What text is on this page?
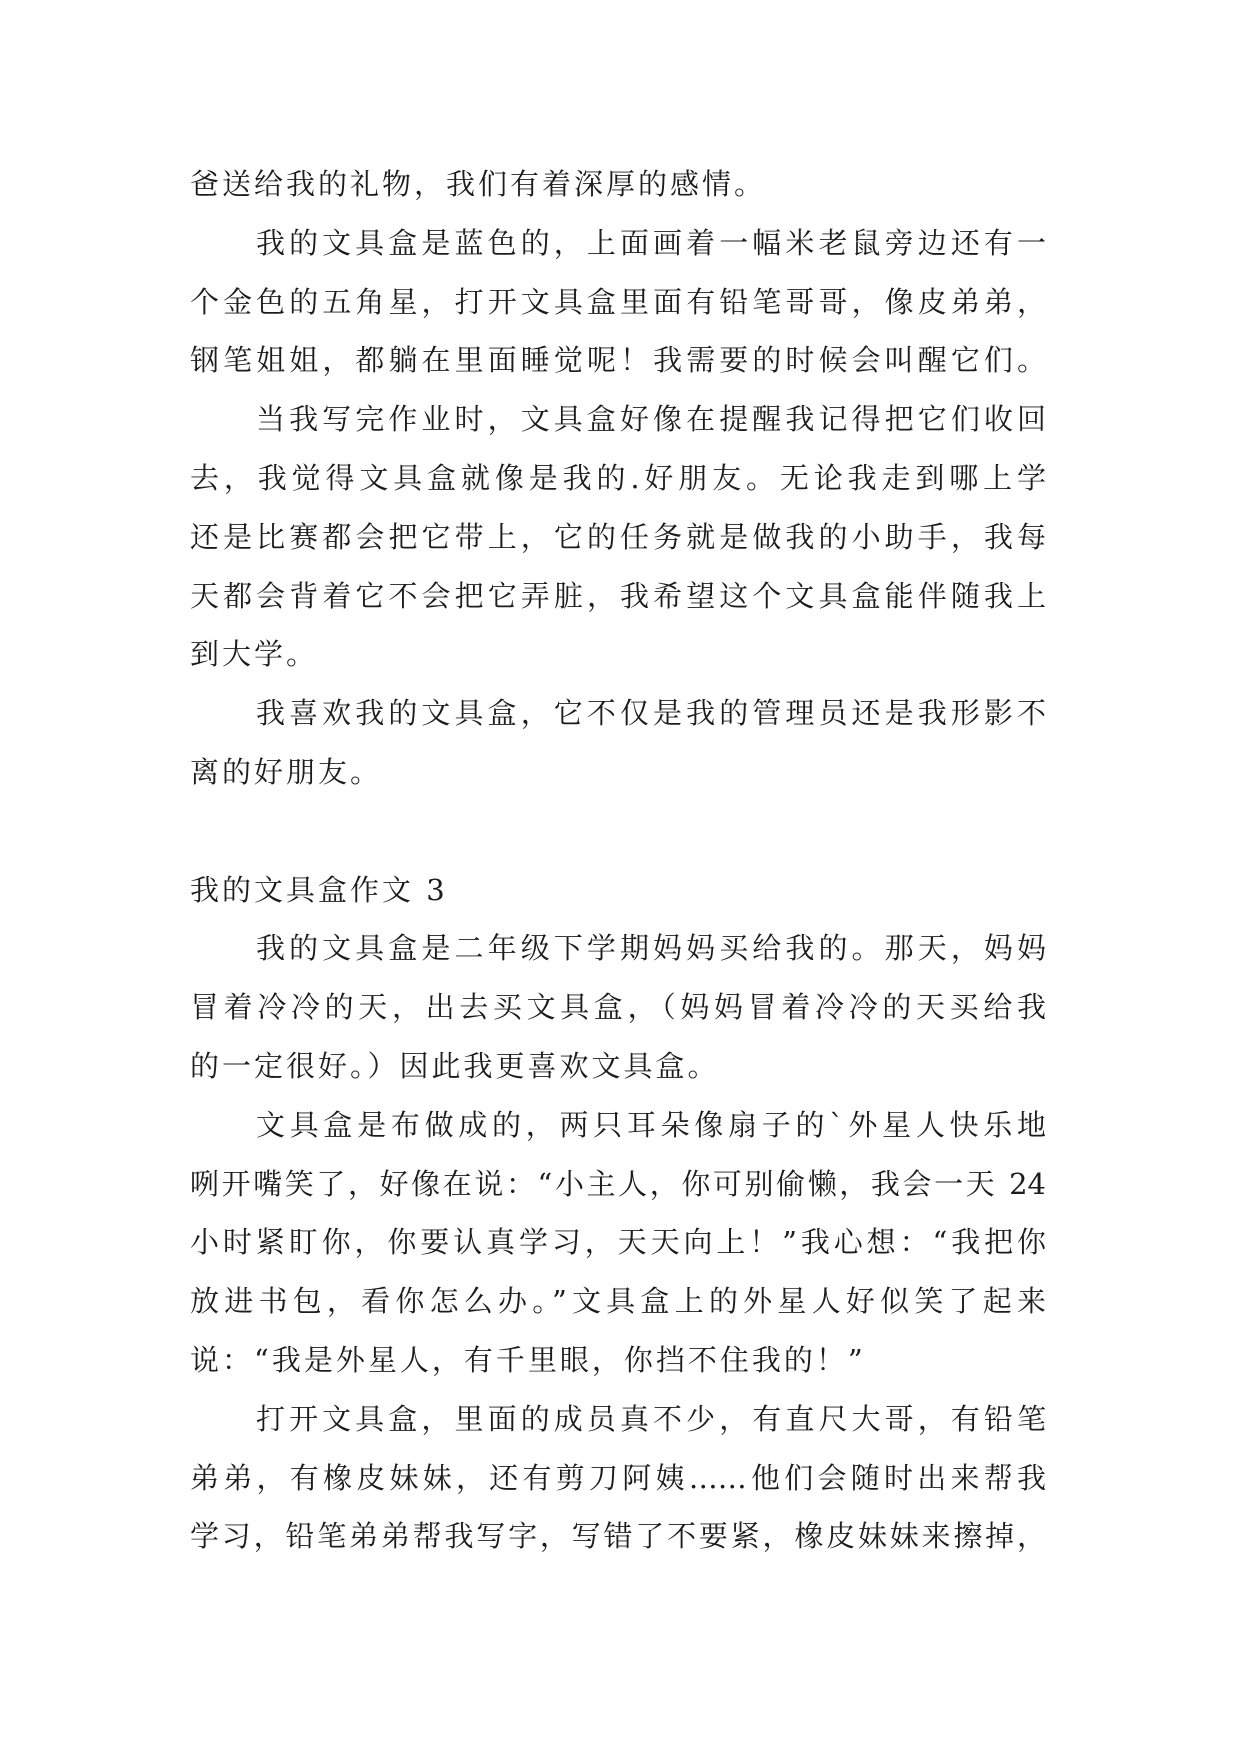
爸送给我的礼物，我们有着深厚的感情。
我的文具盒是蓝色的，上面画着一幅米老鼠旁边还有一
个金色的五角星，打开文具盒里面有铅笔哥哥，像皮弟弟，
钢笔姐姐，都躺在里面睡觉呢！我需要的时候会叫醒它们。
当我写完作业时，文具盒好像在提醒我记得把它们收回
去，我觉得文具盒就像是我的.好朋友。无论我走到哪上学
还是比赛都会把它带上，它的任务就是做我的小助手，我每
天都会背着它不会把它弄脏，我希望这个文具盒能伴随我上
到大学。
我喜欢我的文具盒，它不仅是我的管理员还是我形影不
离的好朋友。
我的文具盒作文 3
我的文具盒是二年级下学期妈妈买给我的。那天，妈妈
冒着冷冷的天，出去买文具盒，（妈妈冒着冷冷的天买给我
的一定很好。）因此我更喜欢文具盒。
文具盒是布做成的，两只耳朵像扇子的`外星人快乐地
咧开嘴笑了，好像在说：“小主人，你可别偷懒，我会一天 24
小时紧盯你，你要认真学习，天天向上！”我心想：“我把你
放进书包，看你怎么办。”文具盒上的外星人好似笑了起来
说：“我是外星人，有千里眼，你挡不住我的！”
打开文具盒，里面的成员真不少，有直尺大哥，有铅笔
弟弟，有橡皮妹妹，还有剪刀阿姨……他们会随时出来帮我
学习，铅笔弟弟帮我写字，写错了不要紧，橡皮妹妹来擦掉，
